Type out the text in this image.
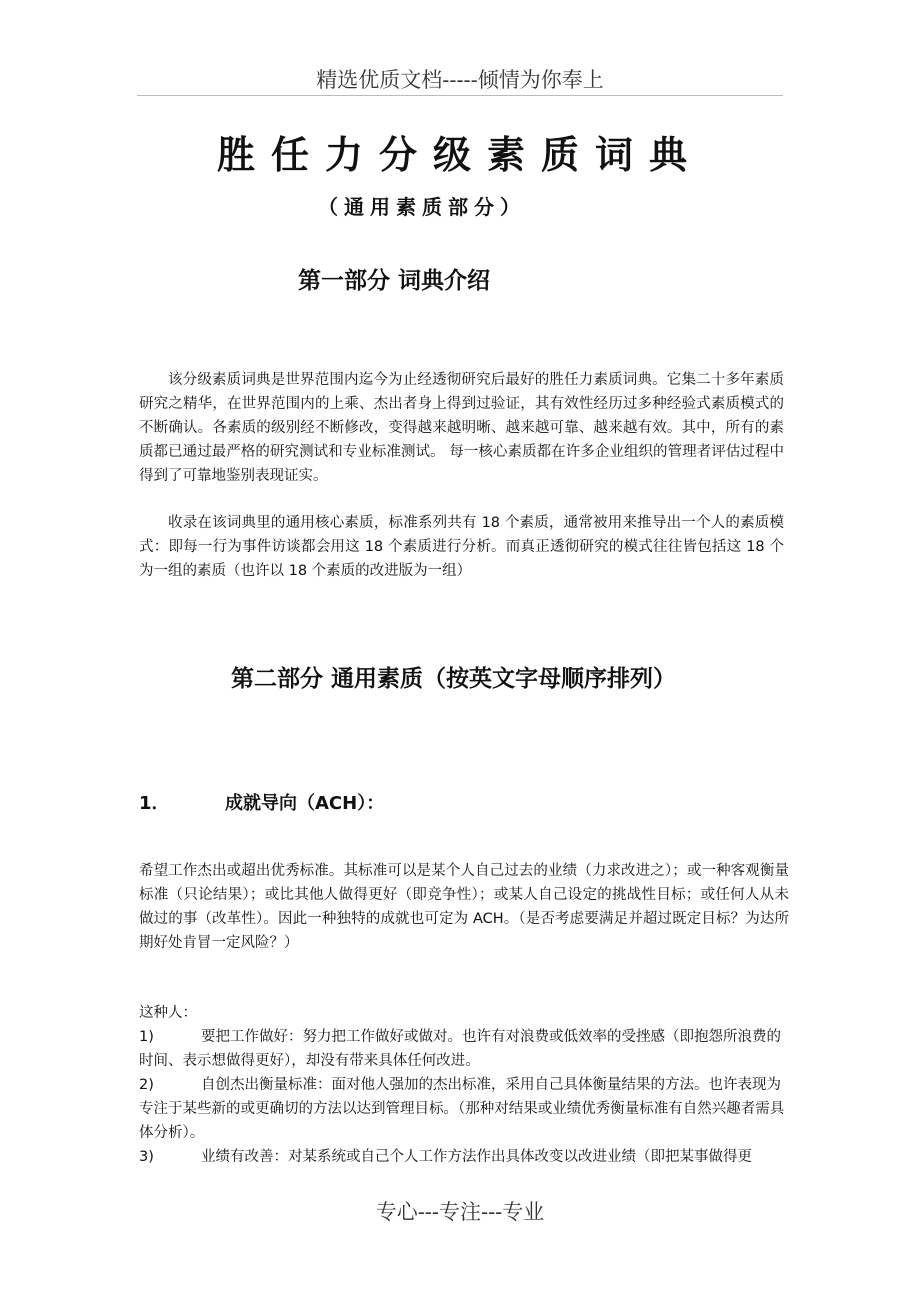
精选优质文档-----倾情为你奉上
胜任力分级素质词典
（通用素质部分）
第一部分 词典介绍
该分级素质词典是世界范围内迄今为止经透彻研究后最好的胜任力素质词典。它集二十多年素质研究之精华，在世界范围内的上乘、杰出者身上得到过验证，其有效性经历过多种经验式素质模式的不断确认。各素质的级别经不断修改，变得越来越明晰、越来越可靠、越来越有效。其中，所有的素质都已通过最严格的研究测试和专业标准测试。 每一核心素质都在许多企业组织的管理者评估过程中得到了可靠地鉴别表现证实。
收录在该词典里的通用核心素质，标准系列共有 18 个素质，通常被用来推导出一个人的素质模式：即每一行为事件访谈都会用这 18 个素质进行分析。而真正透彻研究的模式往往皆包括这 18 个为一组的素质（也许以 18 个素质的改进版为一组）
第二部分 通用素质（按英文字母顺序排列）
1．	成就导向（ACH）：
希望工作杰出或超出优秀标准。其标准可以是某个人自己过去的业绩（力求改进之）；或一种客观衡量标准（只论结果）；或比其他人做得更好（即竞争性）；或某人自己设定的挑战性目标；或任何人从未做过的事（改革性）。因此一种独特的成就也可定为 ACH。（是否考虑要满足并超过既定目标？为达所期好处肯冒一定风险？）
这种人：
1)	要把工作做好：努力把工作做好或做对。也许有对浪费或低效率的受挫感（即抱怨所浪费的时间、表示想做得更好），却没有带来具体任何改进。
2)	自创杰出衡量标准：面对他人强加的杰出标准，采用自己具体衡量结果的方法。也许表现为专注于某些新的或更确切的方法以达到管理目标。（那种对结果或业绩优秀衡量标准有自然兴趣者需具体分析）。
3)	业绩有改善：对某系统或自己个人工作方法作出具体改变以改进业绩（即把某事做得更
专心---专注---专业
